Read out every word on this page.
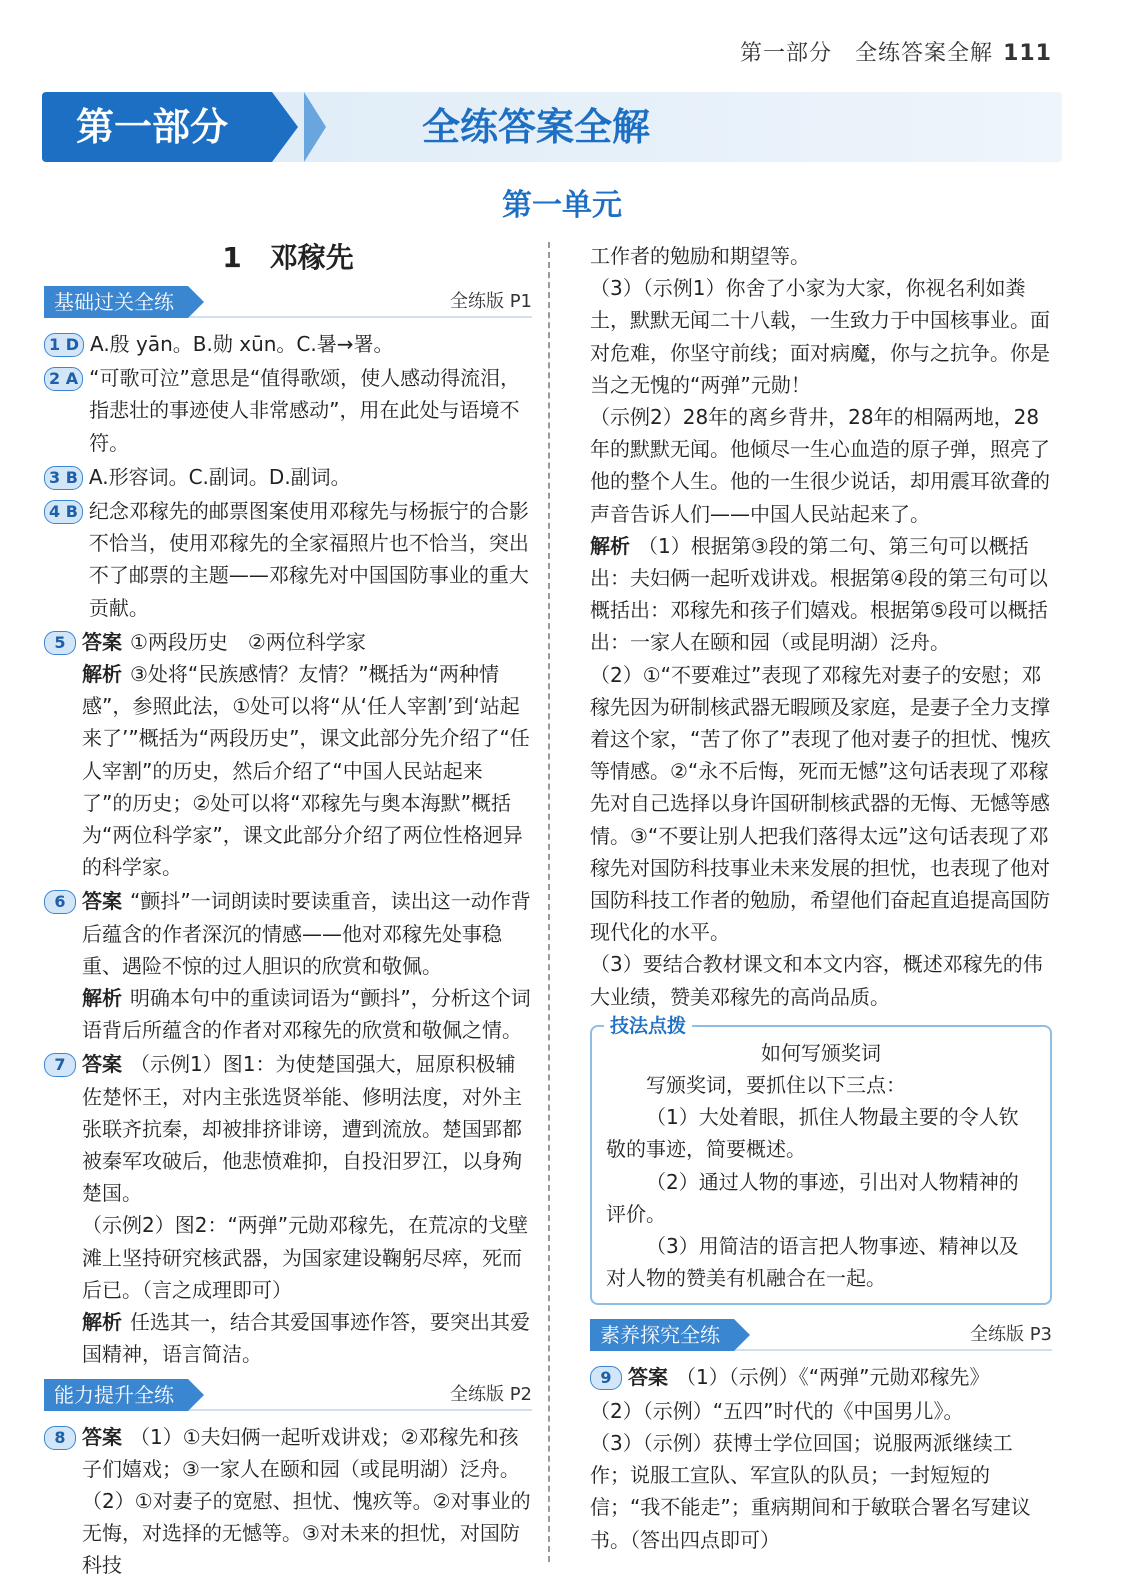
第一部分　全练答案全解 111
第一部分	全练答案全解
第一单元
1　邓稼先
基础过关全练	全练版 P1
1 D A.殷 yān。B.勋 xūn。C.暑→署。
2 A “可歌可泣”意思是“值得歌颂，使人感动得流泪，指悲壮的事迹使人非常感动”，用在此处与语境不符。
3 B A.形容词。C.副词。D.副词。
4 B 纪念邓稼先的邮票图案使用邓稼先与杨振宁的合影不恰当，使用邓稼先的全家福照片也不恰当，突出不了邮票的主题——邓稼先对中国国防事业的重大贡献。
5 答案 ①两段历史　②两位科学家

解析 ③处将“民族感情？友情？”概括为“两种情感”，参照此法，①处可以将“从‘任人宰割’到‘站起来了’”概括为“两段历史”，课文此部分先介绍了“任人宰割”的历史，然后介绍了“中国人民站起来了”的历史；②处可以将“邓稼先与奥本海默”概括为“两位科学家”，课文此部分介绍了两位性格迥异的科学家。

6 答案 “颤抖”一词朗读时要读重音，读出这一动作背后蕴含的作者深沉的情感——他对邓稼先处事稳重、遇险不惊的过人胆识的欣赏和敬佩。

解析 明确本句中的重读词语为“颤抖”，分析这个词语背后所蕴含的作者对邓稼先的欣赏和敬佩之情。

7 答案 （示例1）图1：为使楚国强大，屈原积极辅佐楚怀王，对内主张选贤举能、修明法度，对外主张联齐抗秦，却被排挤诽谤，遭到流放。楚国郢都被秦军攻破后，他悲愤难抑，自投汨罗江，以身殉楚国。

（示例2）图2：“两弹”元勋邓稼先，在荒凉的戈壁滩上坚持研究核武器，为国家建设鞠躬尽瘁，死而后已。（言之成理即可）

解析 任选其一，结合其爱国事迹作答，要突出其爱国精神，语言简洁。

能力提升全练	全练版 P2
8 答案 （1）①夫妇俩一起听戏讲戏；②邓稼先和孩子们嬉戏；③一家人在颐和园（或昆明湖）泛舟。

（2）①对妻子的宽慰、担忧、愧疚等。②对事业的无悔，对选择的无憾等。③对未来的担忧，对国防科技

工作者的勉励和期望等。

（3）（示例1）你舍了小家为大家，你视名利如粪土，默默无闻二十八载，一生致力于中国核事业。面对危难，你坚守前线；面对病魔，你与之抗争。你是当之无愧的“两弹”元勋！

（示例2）28年的离乡背井，28年的相隔两地，28年的默默无闻。他倾尽一生心血造的原子弹，照亮了他的整个人生。他的一生很少说话，却用震耳欲聋的声音告诉人们——中国人民站起来了。

解析 （1）根据第③段的第二句、第三句可以概括出：夫妇俩一起听戏讲戏。根据第④段的第三句可以概括出：邓稼先和孩子们嬉戏。根据第⑤段可以概括出：一家人在颐和园（或昆明湖）泛舟。

（2）①“不要难过”表现了邓稼先对妻子的安慰；邓稼先因为研制核武器无暇顾及家庭，是妻子全力支撑着这个家，“苦了你了”表现了他对妻子的担忧、愧疚等情感。②“永不后悔，死而无憾”这句话表现了邓稼先对自己选择以身许国研制核武器的无悔、无憾等感情。③“不要让别人把我们落得太远”这句话表现了邓稼先对国防科技事业未来发展的担忧，也表现了他对国防科技工作者的勉励，希望他们奋起直追提高国防现代化的水平。

（3）要结合教材课文和本文内容，概述邓稼先的伟大业绩，赞美邓稼先的高尚品质。

技法点拨
如何写颁奖词

写颁奖词，要抓住以下三点：

（1）大处着眼，抓住人物最主要的令人钦敬的事迹，简要概述。

（2）通过人物的事迹，引出对人物精神的评价。

（3）用简洁的语言把人物事迹、精神以及对人物的赞美有机融合在一起。

素养探究全练	全练版 P3
9 答案 （1）（示例）《“两弹”元勋邓稼先》

（2）（示例）“五四”时代的《中国男儿》。

（3）（示例）获博士学位回国；说服两派继续工作；说服工宣队、军宣队的队员；一封短短的信；“我不能走”；重病期间和于敏联合署名写建议书。（答出四点即可）
